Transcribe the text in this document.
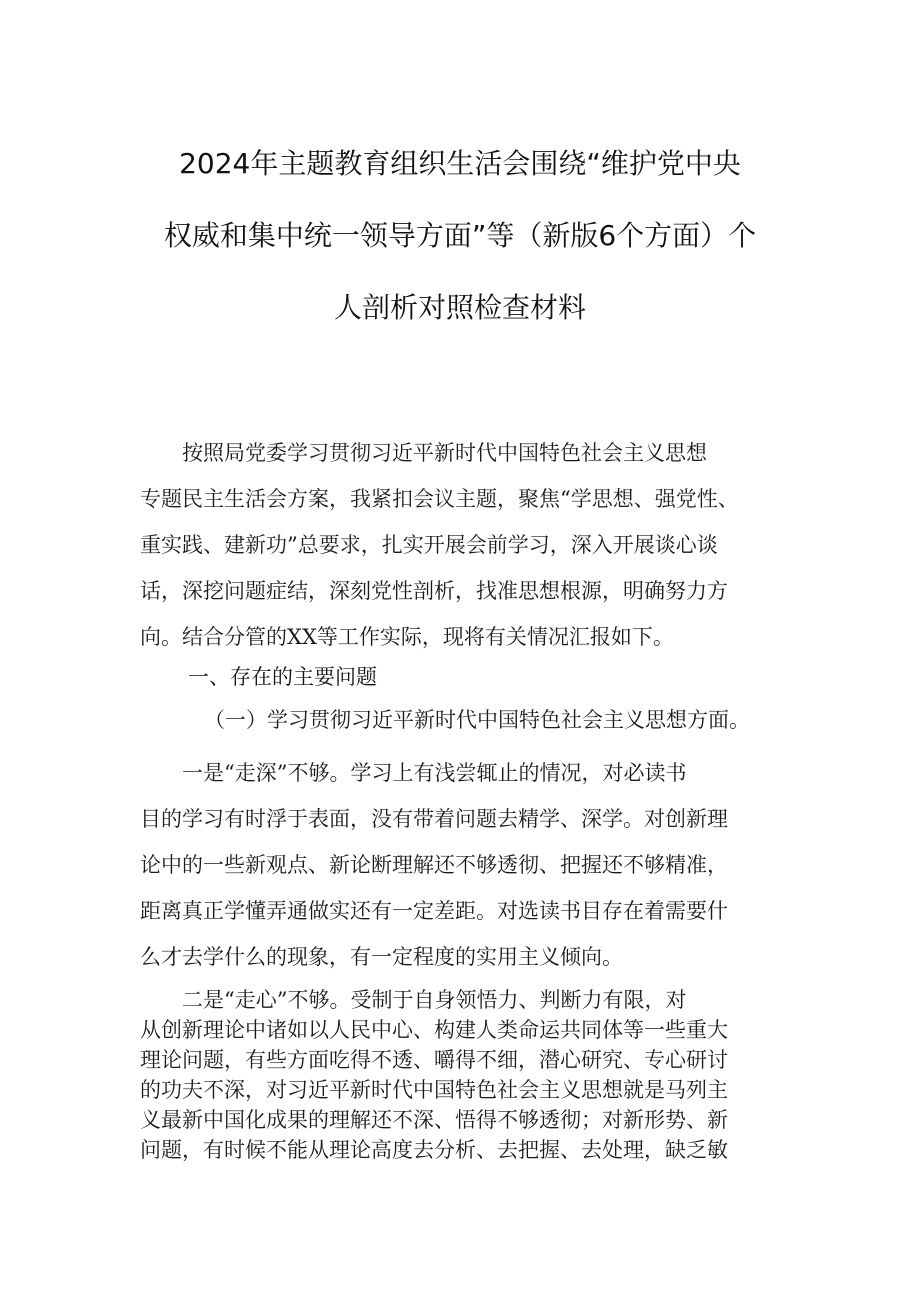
2024年主题教育组织生活会围绕“维护党中央
权威和集中统一领导方面”等（新版6个方面）个
人剖析对照检查材料
　　按照局党委学习贯彻习近平新时代中国特色社会主义思想
专题民主生活会方案，我紧扣会议主题，聚焦“学思想、强党性、
重实践、建新功”总要求，扎实开展会前学习，深入开展谈心谈
话，深挖问题症结，深刻党性剖析，找准思想根源，明确努力方
向。结合分管的XX等工作实际，现将有关情况汇报如下。
一、存在的主要问题
（一）学习贯彻习近平新时代中国特色社会主义思想方面。
　　一是“走深”不够。学习上有浅尝辄止的情况，对必读书
目的学习有时浮于表面，没有带着问题去精学、深学。对创新理
论中的一些新观点、新论断理解还不够透彻、把握还不够精准，
距离真正学懂弄通做实还有一定差距。对选读书目存在着需要什
么才去学什么的现象，有一定程度的实用主义倾向。
　　二是“走心”不够。受制于自身领悟力、判断力有限，对
从创新理论中诸如以人民中心、构建人类命运共同体等一些重大
理论问题，有些方面吃得不透、嚼得不细，潜心研究、专心研讨
的功夫不深，对习近平新时代中国特色社会主义思想就是马列主
义最新中国化成果的理解还不深、悟得不够透彻；对新形势、新
问题，有时候不能从理论高度去分析、去把握、去处理，缺乏敏
